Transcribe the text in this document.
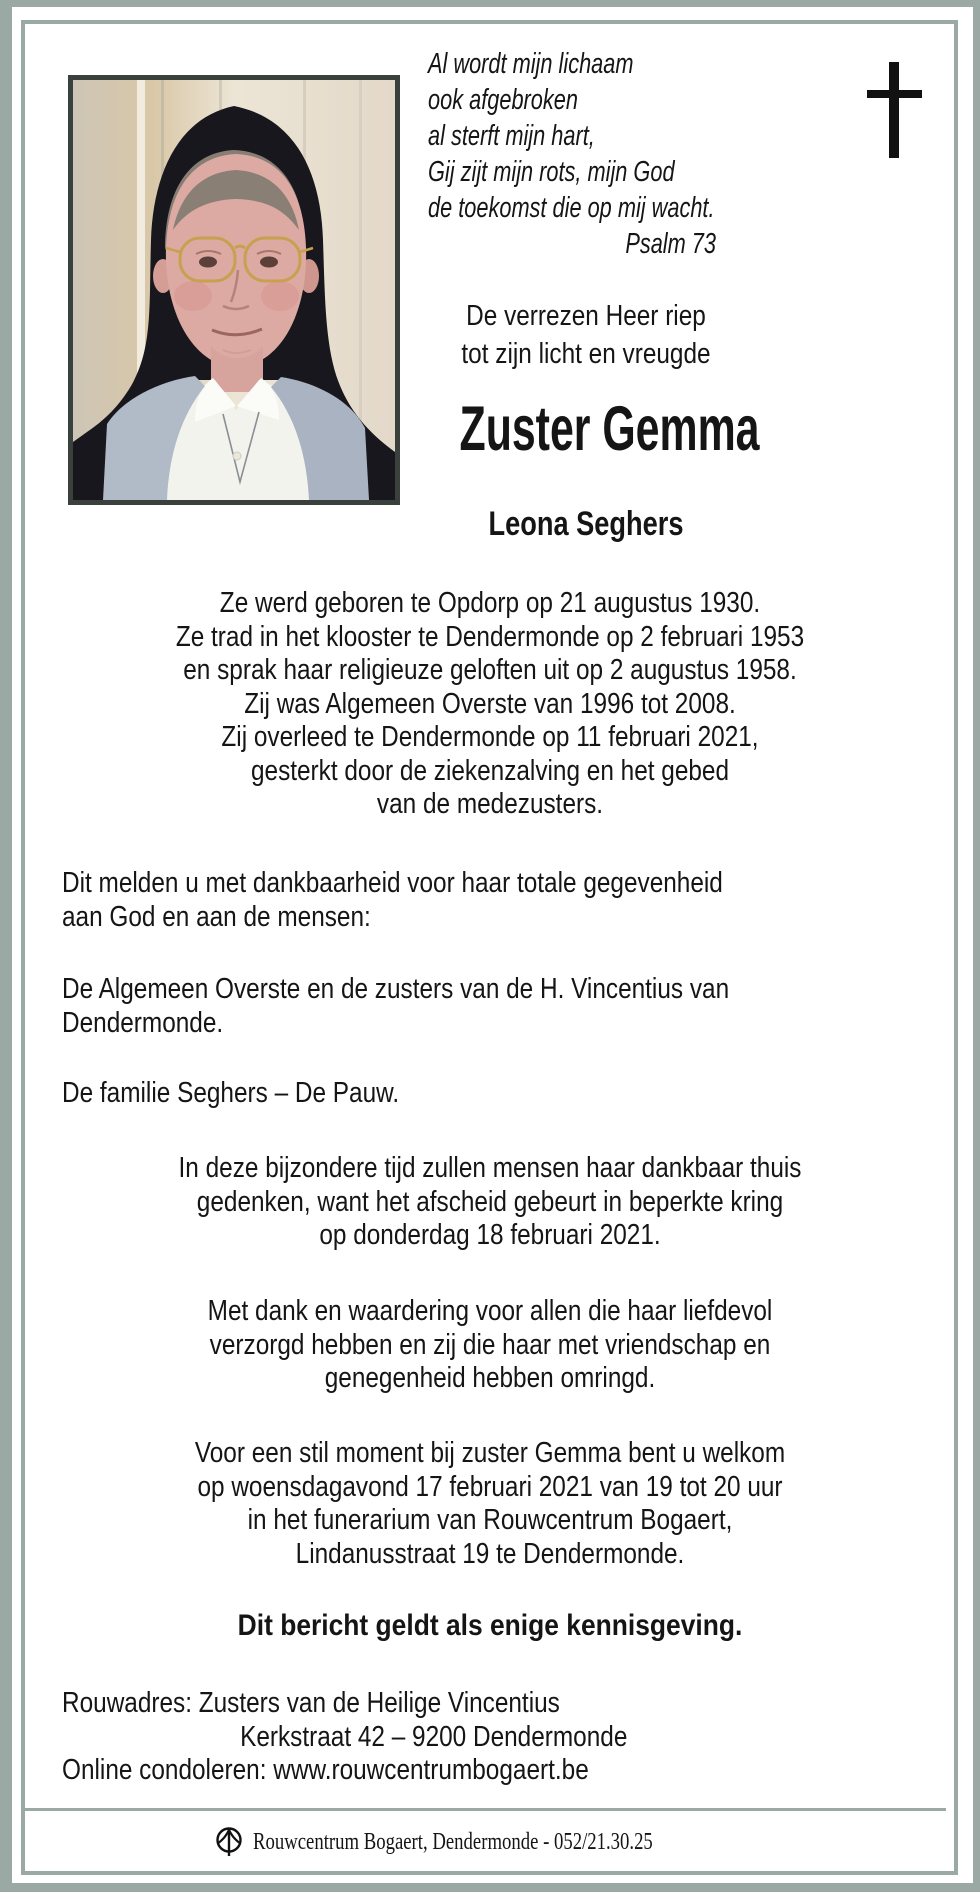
Al wordt mijn lichaam
ook afgebroken
al sterft mijn hart,
Gij zijt mijn rots, mijn God
de toekomst die op mij wacht.
Psalm 73
De verrezen Heer riep
tot zijn licht en vreugde
Zuster Gemma
Leona Seghers
Ze werd geboren te Opdorp op 21 augustus 1930.
Ze trad in het klooster te Dendermonde op 2 februari 1953
en sprak haar religieuze geloften uit op 2 augustus 1958.
Zij was Algemeen Overste van 1996 tot 2008.
Zij overleed te Dendermonde op 11 februari 2021,
gesterkt door de ziekenzalving en het gebed
van de medezusters.
Dit melden u met dankbaarheid voor haar totale gegevenheid
aan God en aan de mensen:
De Algemeen Overste en de zusters van de H. Vincentius van
Dendermonde.
De familie Seghers – De Pauw.
In deze bijzondere tijd zullen mensen haar dankbaar thuis
gedenken, want het afscheid gebeurt in beperkte kring
op donderdag 18 februari 2021.
Met dank en waardering voor allen die haar liefdevol
verzorgd hebben en zij die haar met vriendschap en
genegenheid hebben omringd.
Voor een stil moment bij zuster Gemma bent u welkom
op woensdagavond 17 februari 2021 van 19 tot 20 uur
in het funerarium van Rouwcentrum Bogaert,
Lindanusstraat 19 te Dendermonde.
Dit bericht geldt als enige kennisgeving.
Rouwadres: Zusters van de Heilige Vincentius
Kerkstraat 42 – 9200 Dendermonde
Online condoleren: www.rouwcentrumbogaert.be
Rouwcentrum Bogaert, Dendermonde - 052/21.30.25
